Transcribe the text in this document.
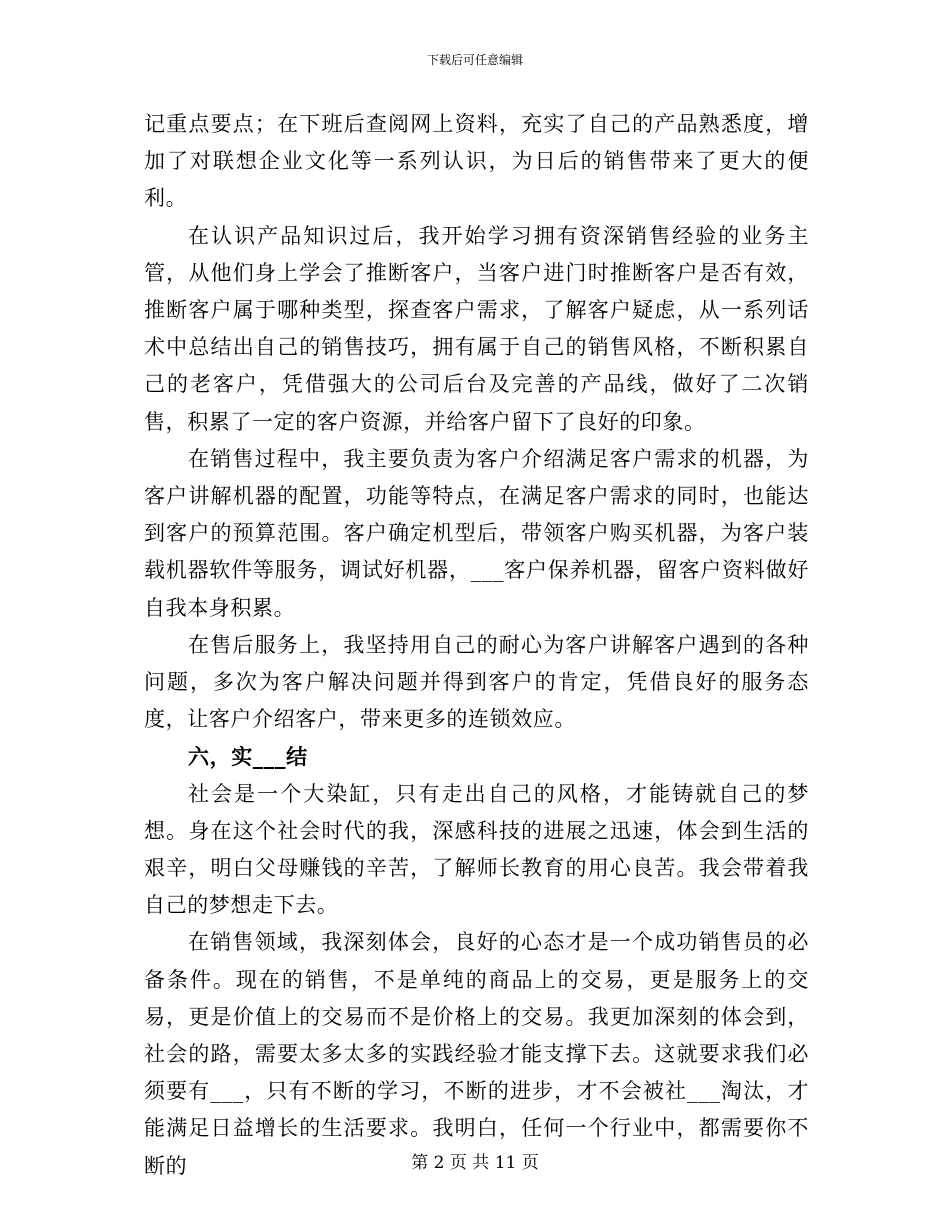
下载后可任意编辑

记重点要点；在下班后查阅网上资料，充实了自己的产品熟悉度，增加了对联想企业文化等一系列认识，为日后的销售带来了更大的便利。

在认识产品知识过后，我开始学习拥有资深销售经验的业务主管，从他们身上学会了推断客户，当客户进门时推断客户是否有效，推断客户属于哪种类型，探查客户需求，了解客户疑虑，从一系列话术中总结出自己的销售技巧，拥有属于自己的销售风格，不断积累自己的老客户，凭借强大的公司后台及完善的产品线，做好了二次销售，积累了一定的客户资源，并给客户留下了良好的印象。

在销售过程中，我主要负责为客户介绍满足客户需求的机器，为客户讲解机器的配置，功能等特点，在满足客户需求的同时，也能达到客户的预算范围。客户确定机型后，带领客户购买机器，为客户装载机器软件等服务，调试好机器，___客户保养机器，留客户资料做好自我本身积累。

在售后服务上，我坚持用自己的耐心为客户讲解客户遇到的各种问题，多次为客户解决问题并得到客户的肯定，凭借良好的服务态度，让客户介绍客户，带来更多的连锁效应。

六，实___结

社会是一个大染缸，只有走出自己的风格，才能铸就自己的梦想。身在这个社会时代的我，深感科技的进展之迅速，体会到生活的艰辛，明白父母赚钱的辛苦，了解师长教育的用心良苦。我会带着我自己的梦想走下去。

在销售领域，我深刻体会，良好的心态才是一个成功销售员的必备条件。现在的销售，不是单纯的商品上的交易，更是服务上的交易，更是价值上的交易而不是价格上的交易。我更加深刻的体会到，社会的路，需要太多太多的实践经验才能支撑下去。这就要求我们必须要有___，只有不断的学习，不断的进步，才不会被社___淘汰，才能满足日益增长的生活要求。我明白，任何一个行业中，都需要你不断的	第 2 页 共 11 页
